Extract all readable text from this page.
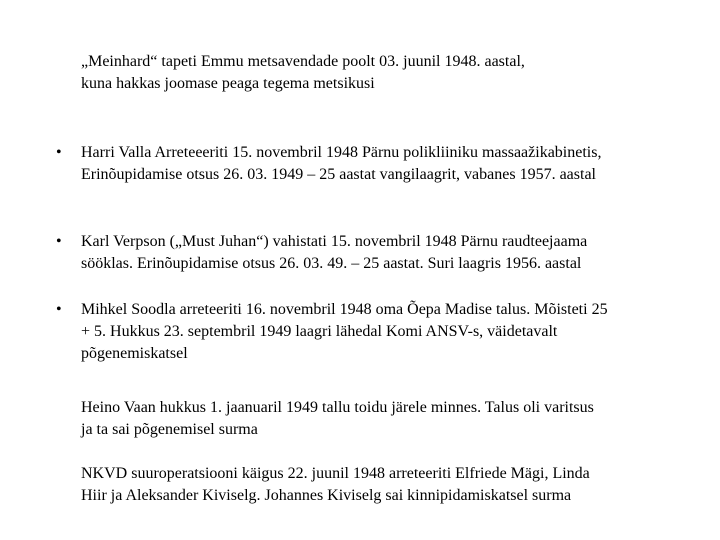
„Meinhard“ tapeti Emmu metsavendade poolt 03. juunil 1948. aastal,
kuna hakkas joomase peaga tegema metsikusi

• Harri Valla Arreteeeriti 15. novembril 1948 Pärnu polikliiniku massaažikabinetis,
Erinõupidamise otsus 26. 03. 1949 – 25 aastat vangilaagrit, vabanes 1957. aastal

• Karl Verpson („Must Juhan“) vahistati 15. novembril 1948 Pärnu raudteejaama
sööklas. Erinõupidamise otsus 26. 03. 49. – 25 aastat. Suri laagris 1956. aastal

• Mihkel Soodla arreteeriti 16. novembril 1948 oma Õepa Madise talus. Mõisteti 25
+ 5. Hukkus 23. septembril 1949 laagri lähedal Komi ANSV-s, väidetavalt
põgenemiskatsel

Heino Vaan hukkus 1. jaanuaril 1949 tallu toidu järele minnes. Talus oli varitsus
ja ta sai põgenemisel surma

NKVD suuroperatsiooni käigus 22. juunil 1948 arreteeriti Elfriede Mägi, Linda
Hiir ja Aleksander Kiviselg. Johannes Kiviselg sai kinnipidamiskatsel surma
